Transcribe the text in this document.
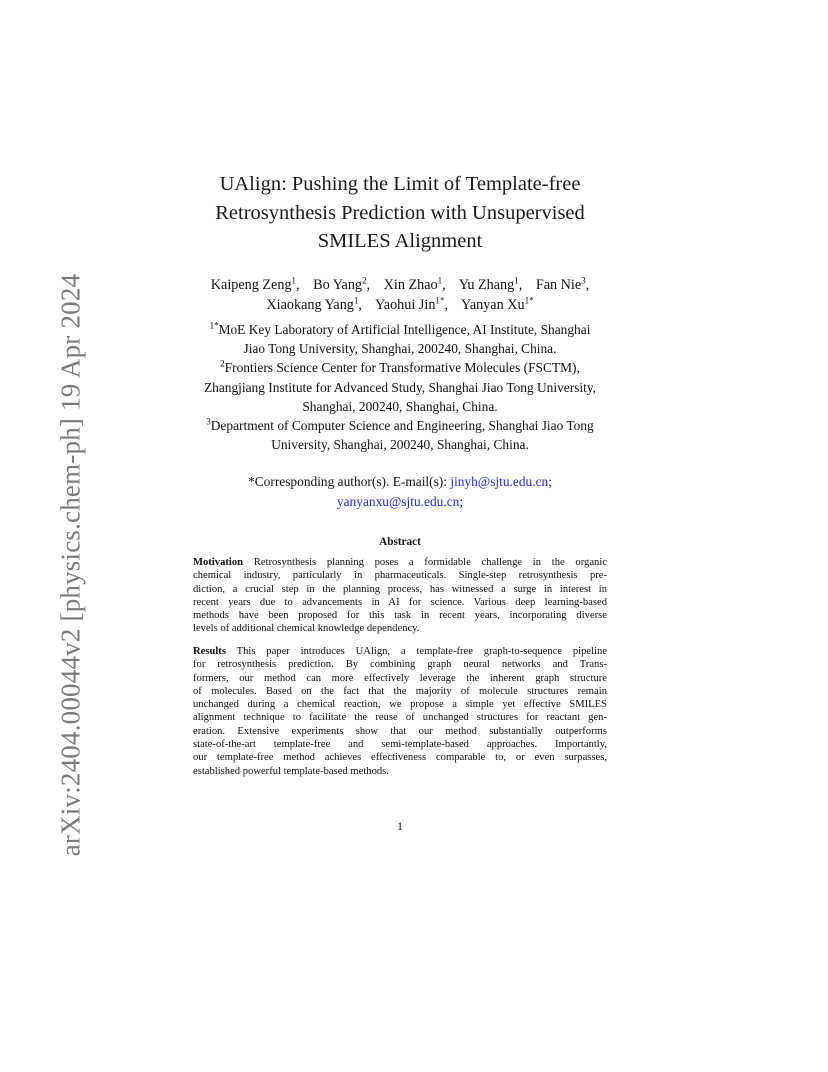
arXiv:2404.00044v2 [physics.chem-ph] 19 Apr 2024
UAlign: Pushing the Limit of Template-free
Retrosynthesis Prediction with Unsupervised
SMILES Alignment
Kaipeng Zeng$^1$, Bo Yang$^2$, Xin Zhao$^1$, Yu Zhang$^1$, Fan Nie$^3$,
Xiaokang Yang$^1$, Yaohui Jin$^{1*}$, Yanyan $Xu^{1*}$
$^{1*}$MoE Key Laboratory of Artificial Intelligence, AI Institute, Shanghai
Jiao Tong University, Shanghai, 200240, Shanghai, China.
$^2$Frontiers Science Center for Transformative Molecules (FSCTM),
Zhangjiang Institute for Advanced Study, Shanghai Jiao Tong University,
Shanghai, 200240, Shanghai, China.
$^3$Department of Computer Science and Engineering, Shanghai Jiao Tong
University, Shanghai, 200240, Shanghai, China.
*Corresponding author(s). E-mail(s): jinyh@sjtu.edu.cn;
yanyanxu@sjtu.edu.cn;
Abstract
Motivation Retrosynthesis planning poses a formidable challenge in the organic
chemical industry, particularly in pharmaceuticals. Single-step retrosynthesis pre-
diction, a crucial step in the planning process, has witnessed a surge in interest in
recent years due to advancements in AI for science. Various deep learning-based
methods have been proposed for this task in recent years, incorporating diverse
levels of additional chemical knowledge dependency.
Results This paper introduces UAlign, a template-free graph-to-sequence pipeline
for retrosynthesis prediction. By combining graph neural networks and Trans-
formers, our method can more effectively leverage the inherent graph structure
of molecules. Based on the fact that the majority of molecule structures remain
unchanged during a chemical reaction, we propose a simple yet effective SMILES
alignment technique to facilitate the reuse of unchanged structures for reactant gen-
eration. Extensive experiments show that our method substantially outperforms
state-of-the-art template-free and semi-template-based approaches. Importantly,
our template-free method achieves effectiveness comparable to, or even surpasses,
established powerful template-based methods.
1
